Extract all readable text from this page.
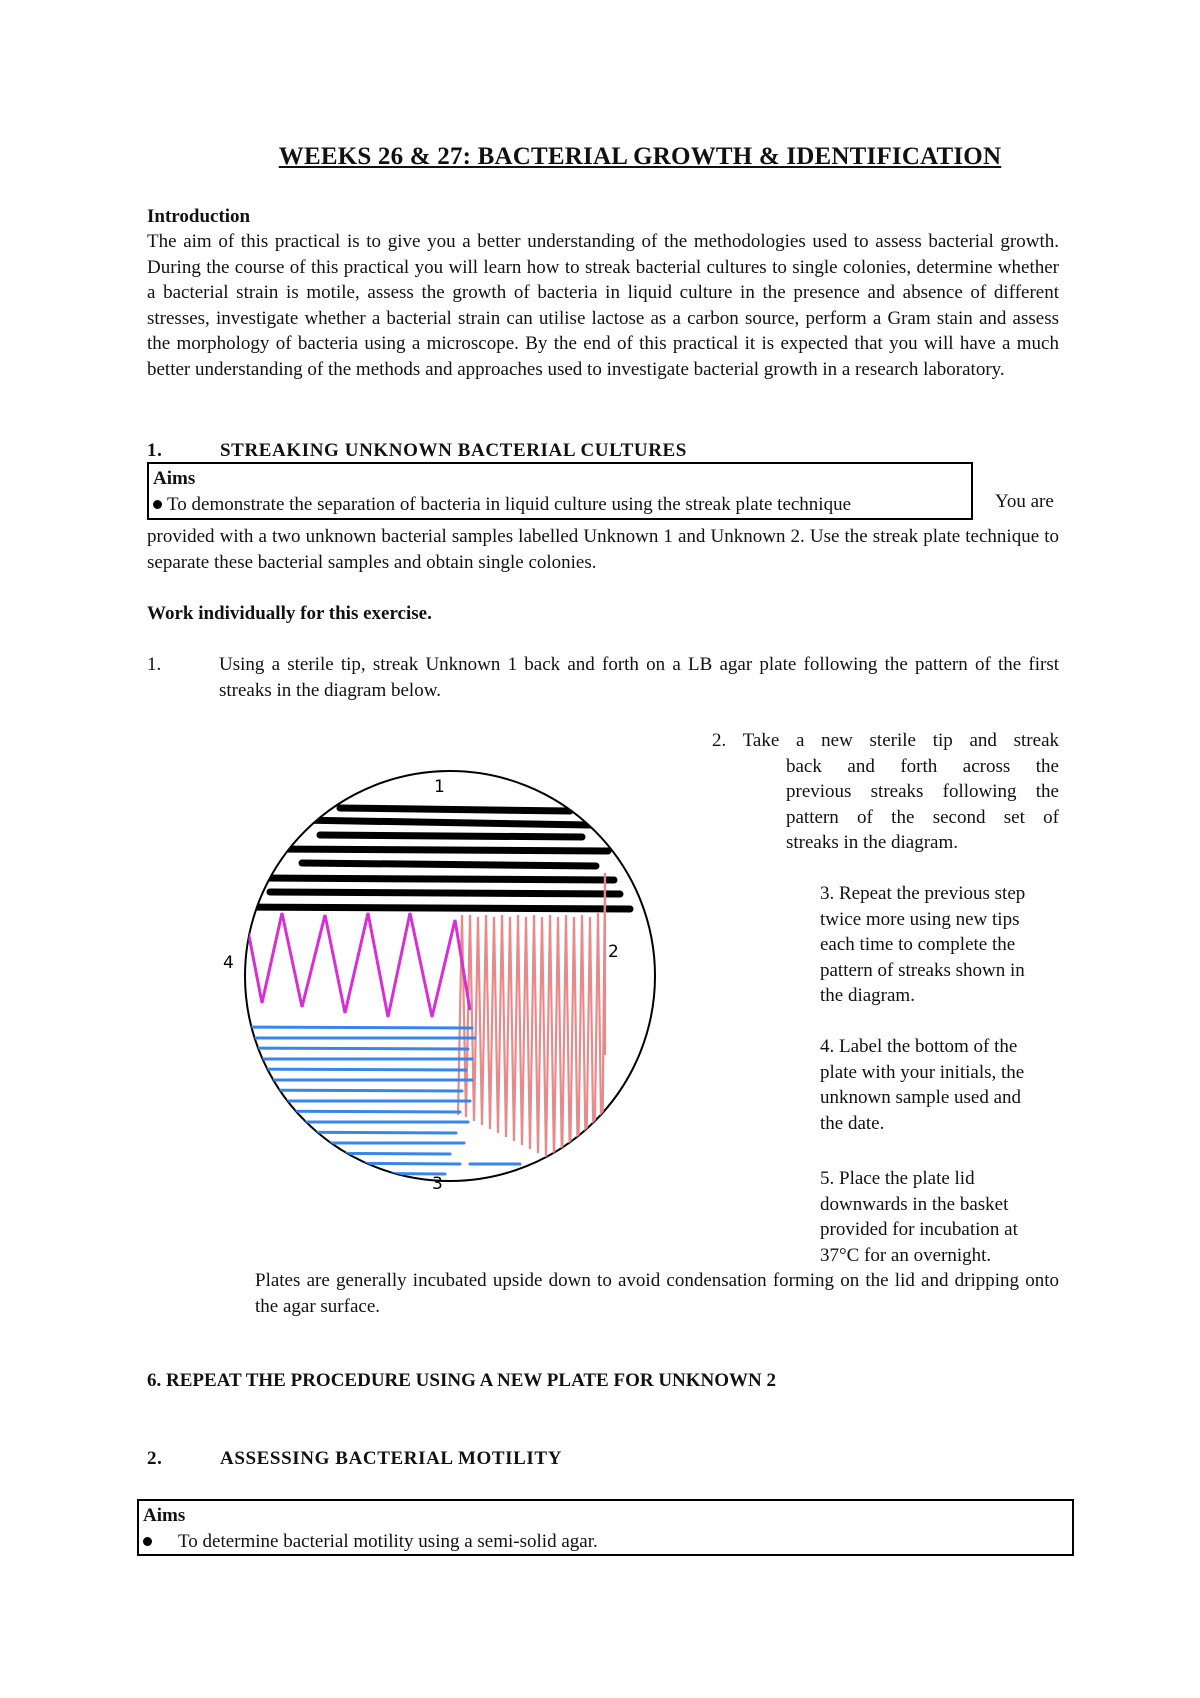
WEEKS 26 & 27: BACTERIAL GROWTH & IDENTIFICATION
Introduction
The aim of this practical is to give you a better understanding of the methodologies used to assess bacterial growth. During the course of this practical you will learn how to streak bacterial cultures to single colonies, determine whether a bacterial strain is motile, assess the growth of bacteria in liquid culture in the presence and absence of different stresses, investigate whether a bacterial strain can utilise lactose as a carbon source, perform a Gram stain and assess the morphology of bacteria using a microscope. By the end of this practical it is expected that you will have a much better understanding of the methods and approaches used to investigate bacterial growth in a research laboratory.
1.	STREAKING UNKNOWN BACTERIAL CULTURES
Aims
To demonstrate the separation of bacteria in liquid culture using the streak plate technique	You are
provided with a two unknown bacterial samples labelled Unknown 1 and Unknown 2. Use the streak plate technique to separate these bacterial samples and obtain single colonies.
Work individually for this exercise.
1.	Using a sterile tip, streak Unknown 1 back and forth on a LB agar plate following the pattern of the first streaks in the diagram below.
2. Take a new sterile tip and streak
back and forth across the
previous streaks following the
pattern of the second set of
streaks in the diagram.
3. Repeat the previous step
twice more using new tips
each time to complete the
pattern of streaks shown in
the diagram.
4. Label the bottom of the
plate with your initials, the
unknown sample used and
the date.
5. Place the plate lid
downwards in the basket
provided for incubation at
37°C for an overnight.
Plates are generally incubated upside down to avoid condensation forming on the lid and dripping onto the agar surface.
6. REPEAT THE PROCEDURE USING A NEW PLATE FOR UNKNOWN 2
1
2
3
4
2.	ASSESSING BACTERIAL MOTILITY
Aims
To determine bacterial motility using a semi-solid agar.
